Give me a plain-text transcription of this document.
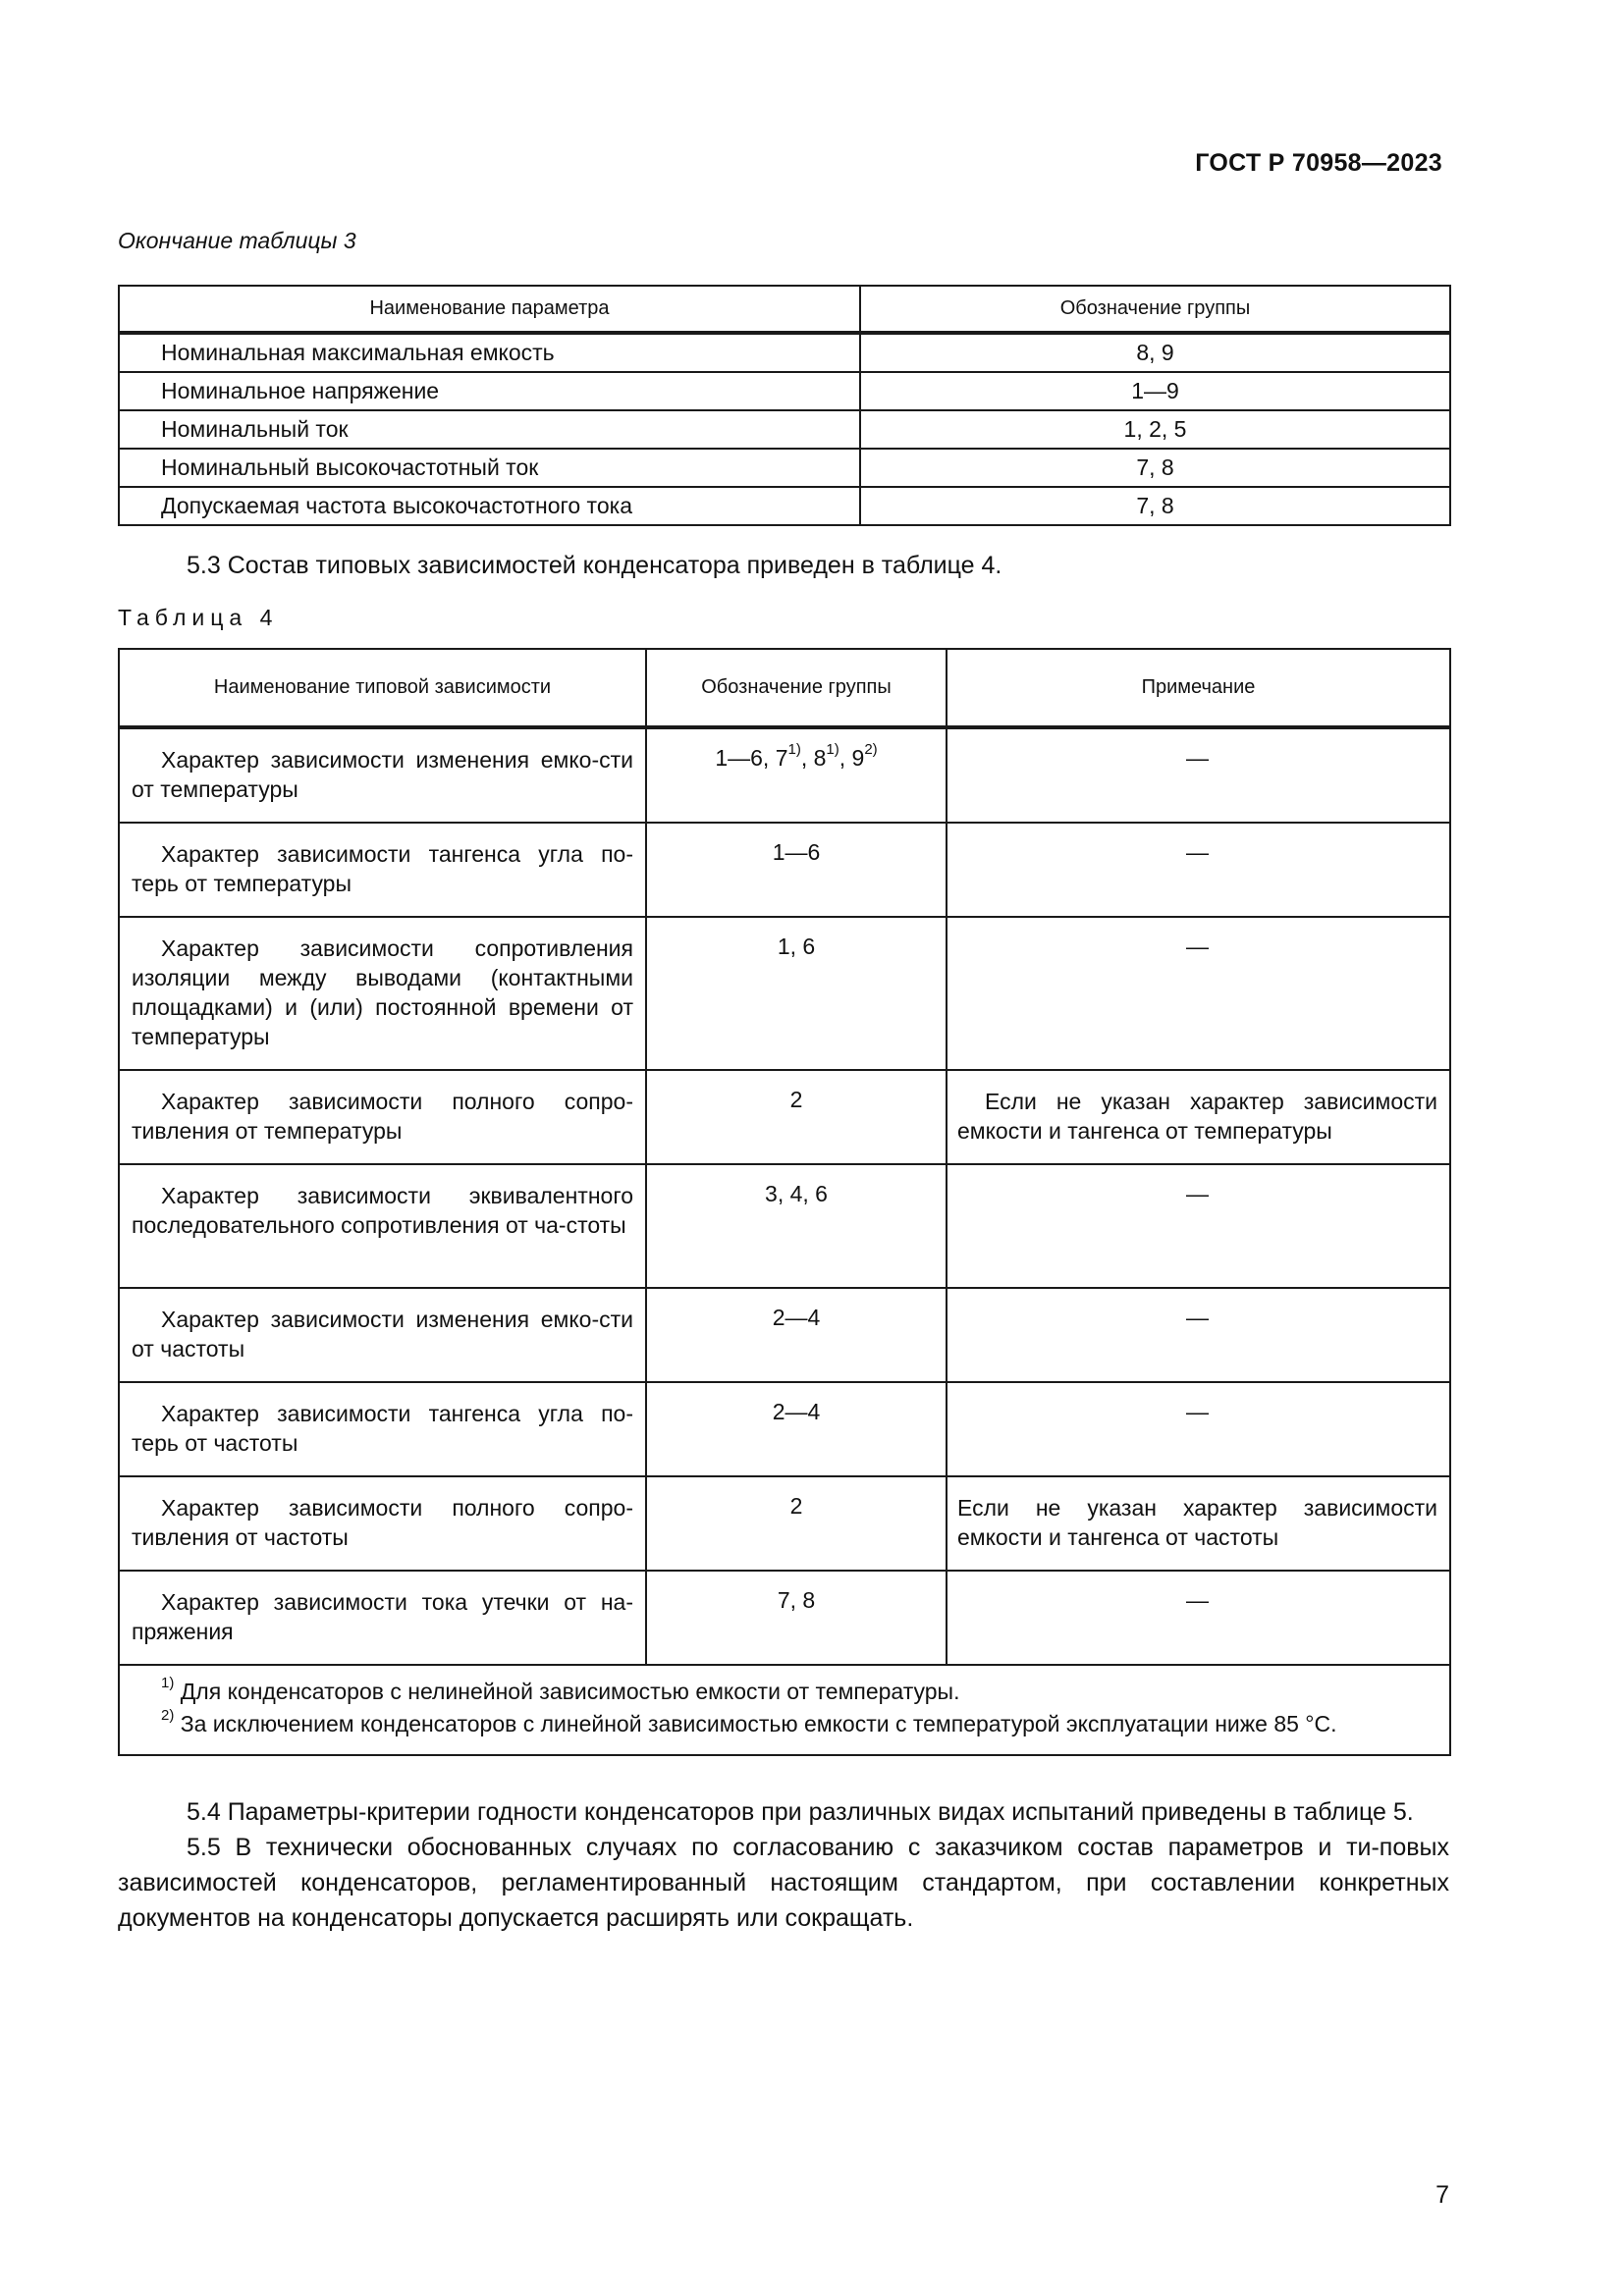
ГОСТ Р 70958—2023
Окончание таблицы 3
Наименование параметра	Обозначение группы
Номинальная максимальная емкость	8, 9
Номинальное напряжение	1—9
Номинальный ток	1, 2, 5
Номинальный высокочастотный ток	7, 8
Допускаемая частота высокочастотного тока	7, 8
5.3 Состав типовых зависимостей конденсатора приведен в таблице 4.
Таблица 4
Наименование типовой зависимости	Обозначение группы	Примечание
Характер зависимости изменения емко-сти от температуры	1—6, 7$^{1)}$, 8$^{1)}$, 9$^{2)}$	—
Характер зависимости тангенса угла по-терь от температуры	1—6	—
Характер зависимости сопротивления изоляции между выводами (контактными площадками) и (или) постоянной времени от температуры	1, 6	—
Характер зависимости полного сопро-тивления от температуры	2	Если не указан характер зависимости емкости и тангенса от температуры
Характер зависимости эквивалентного последовательного сопротивления от ча-стоты	3, 4, 6	—
Характер зависимости изменения емко-сти от частоты	2—4	—
Характер зависимости тангенса угла по-терь от частоты	2—4	—
Характер зависимости полного сопро-тивления от частоты	2	Если не указан характер зависимости емкости и тангенса от частоты
Характер зависимости тока утечки от на-пряжения	7, 8	—

$^{1)}$ Для конденсаторов с нелинейной зависимостью емкости от температуры.
$^{2)}$ За исключением конденсаторов с линейной зависимостью емкости с температурой эксплуатации ниже 85 °С.		
5.4 Параметры-критерии годности конденсаторов при различных видах испытаний приведены в таблице 5.
5.5 В технически обоснованных случаях по согласованию с заказчиком состав параметров и ти-повых зависимостей конденсаторов, регламентированный настоящим стандартом, при составлении конкретных документов на конденсаторы допускается расширять или сокращать.
7
